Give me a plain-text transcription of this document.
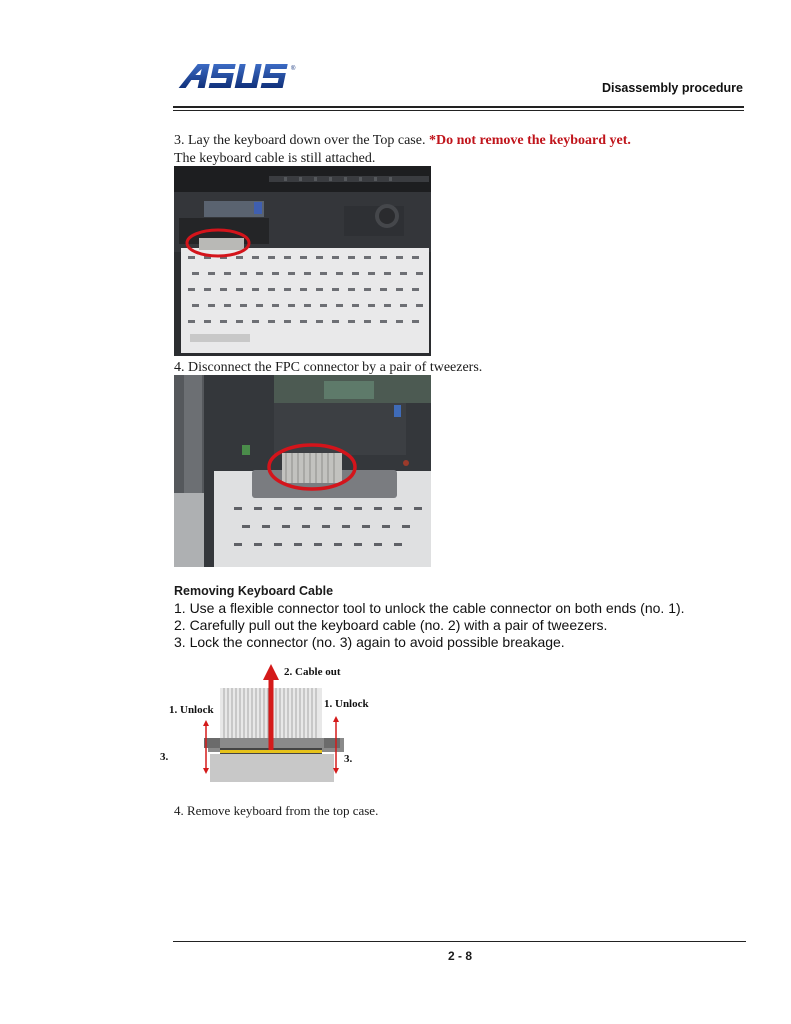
®
Disassembly procedure
3. Lay the keyboard down over the Top case. *Do not remove the keyboard yet.
The keyboard cable is still attached.
4. Disconnect the FPC connector by a pair of tweezers.
Removing Keyboard Cable
1. Use a flexible connector tool to unlock the cable connector on both ends (no. 1).
2. Carefully pull out the keyboard cable (no. 2) with a pair of tweezers.
3. Lock the connector (no. 3) again to avoid possible breakage.
2. Cable out
1. Unlock	1. Unlock
3.	3.
4. Remove keyboard from the top case.
2 - 8
